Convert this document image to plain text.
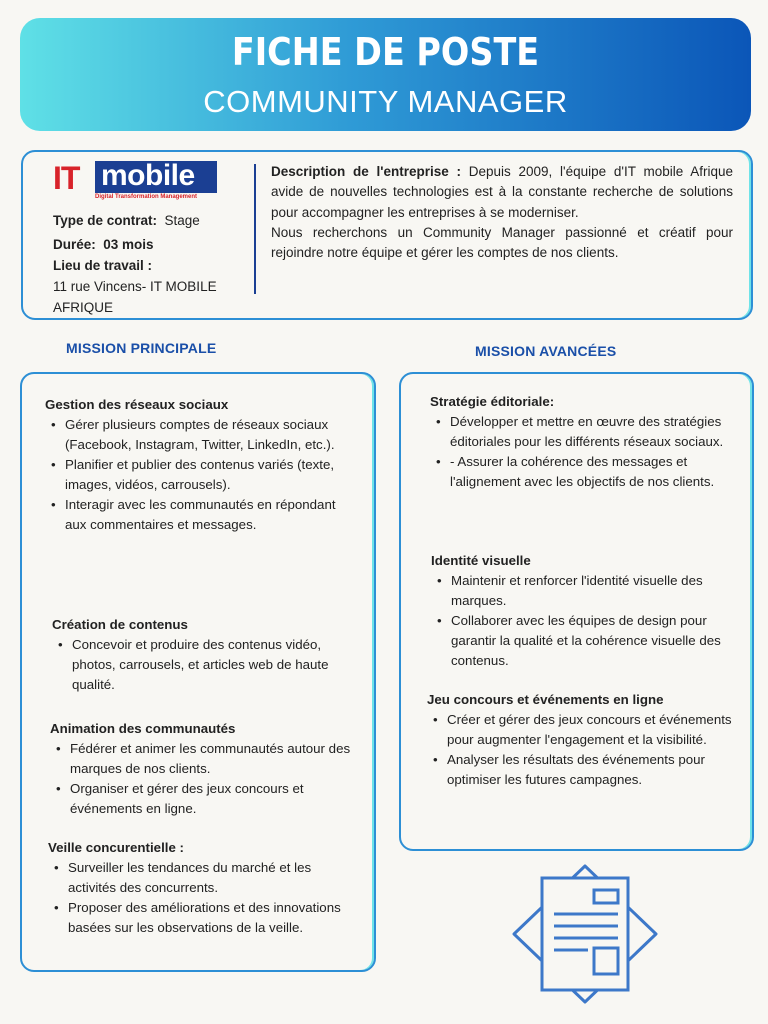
FICHE DE POSTE
COMMUNITY MANAGER
IT mobile
Digital Transformation Management
Type de contrat: Stage
Durée: 03 mois
Lieu de travail :
11 rue Vincens- IT MOBILE
AFRIQUE
Description de l'entreprise : Depuis 2009, l'équipe d'IT mobile Afrique avide de nouvelles technologies est à la constante recherche de solutions pour accompagner les entreprises à se moderniser.
Nous recherchons un Community Manager passionné et créatif pour rejoindre notre équipe et gérer les comptes de nos clients.
MISSION PRINCIPALE	MISSION AVANCÉES
Gestion des réseaux sociaux
• Gérer plusieurs comptes de réseaux sociaux (Facebook, Instagram, Twitter, LinkedIn, etc.).
• Planifier et publier des contenus variés (texte, images, vidéos, carrousels).
• Interagir avec les communautés en répondant aux commentaires et messages.
Création de contenus
• Concevoir et produire des contenus vidéo, photos, carrousels, et articles web de haute qualité.
Animation des communautés
• Fédérer et animer les communautés autour des marques de nos clients.
• Organiser et gérer des jeux concours et événements en ligne.
Veille concurentielle :
• Surveiller les tendances du marché et les activités des concurrents.
• Proposer des améliorations et des innovations basées sur les observations de la veille.
Stratégie éditoriale:
• Développer et mettre en œuvre des stratégies éditoriales pour les différents réseaux sociaux.
• - Assurer la cohérence des messages et l'alignement avec les objectifs de nos clients.
Identité visuelle
• Maintenir et renforcer l'identité visuelle des marques.
• Collaborer avec les équipes de design pour garantir la qualité et la cohérence visuelle des contenus.
Jeu concours et événements en ligne
• Créer et gérer des jeux concours et événements pour augmenter l'engagement et la visibilité.
• Analyser les résultats des événements pour optimiser les futures campagnes.
